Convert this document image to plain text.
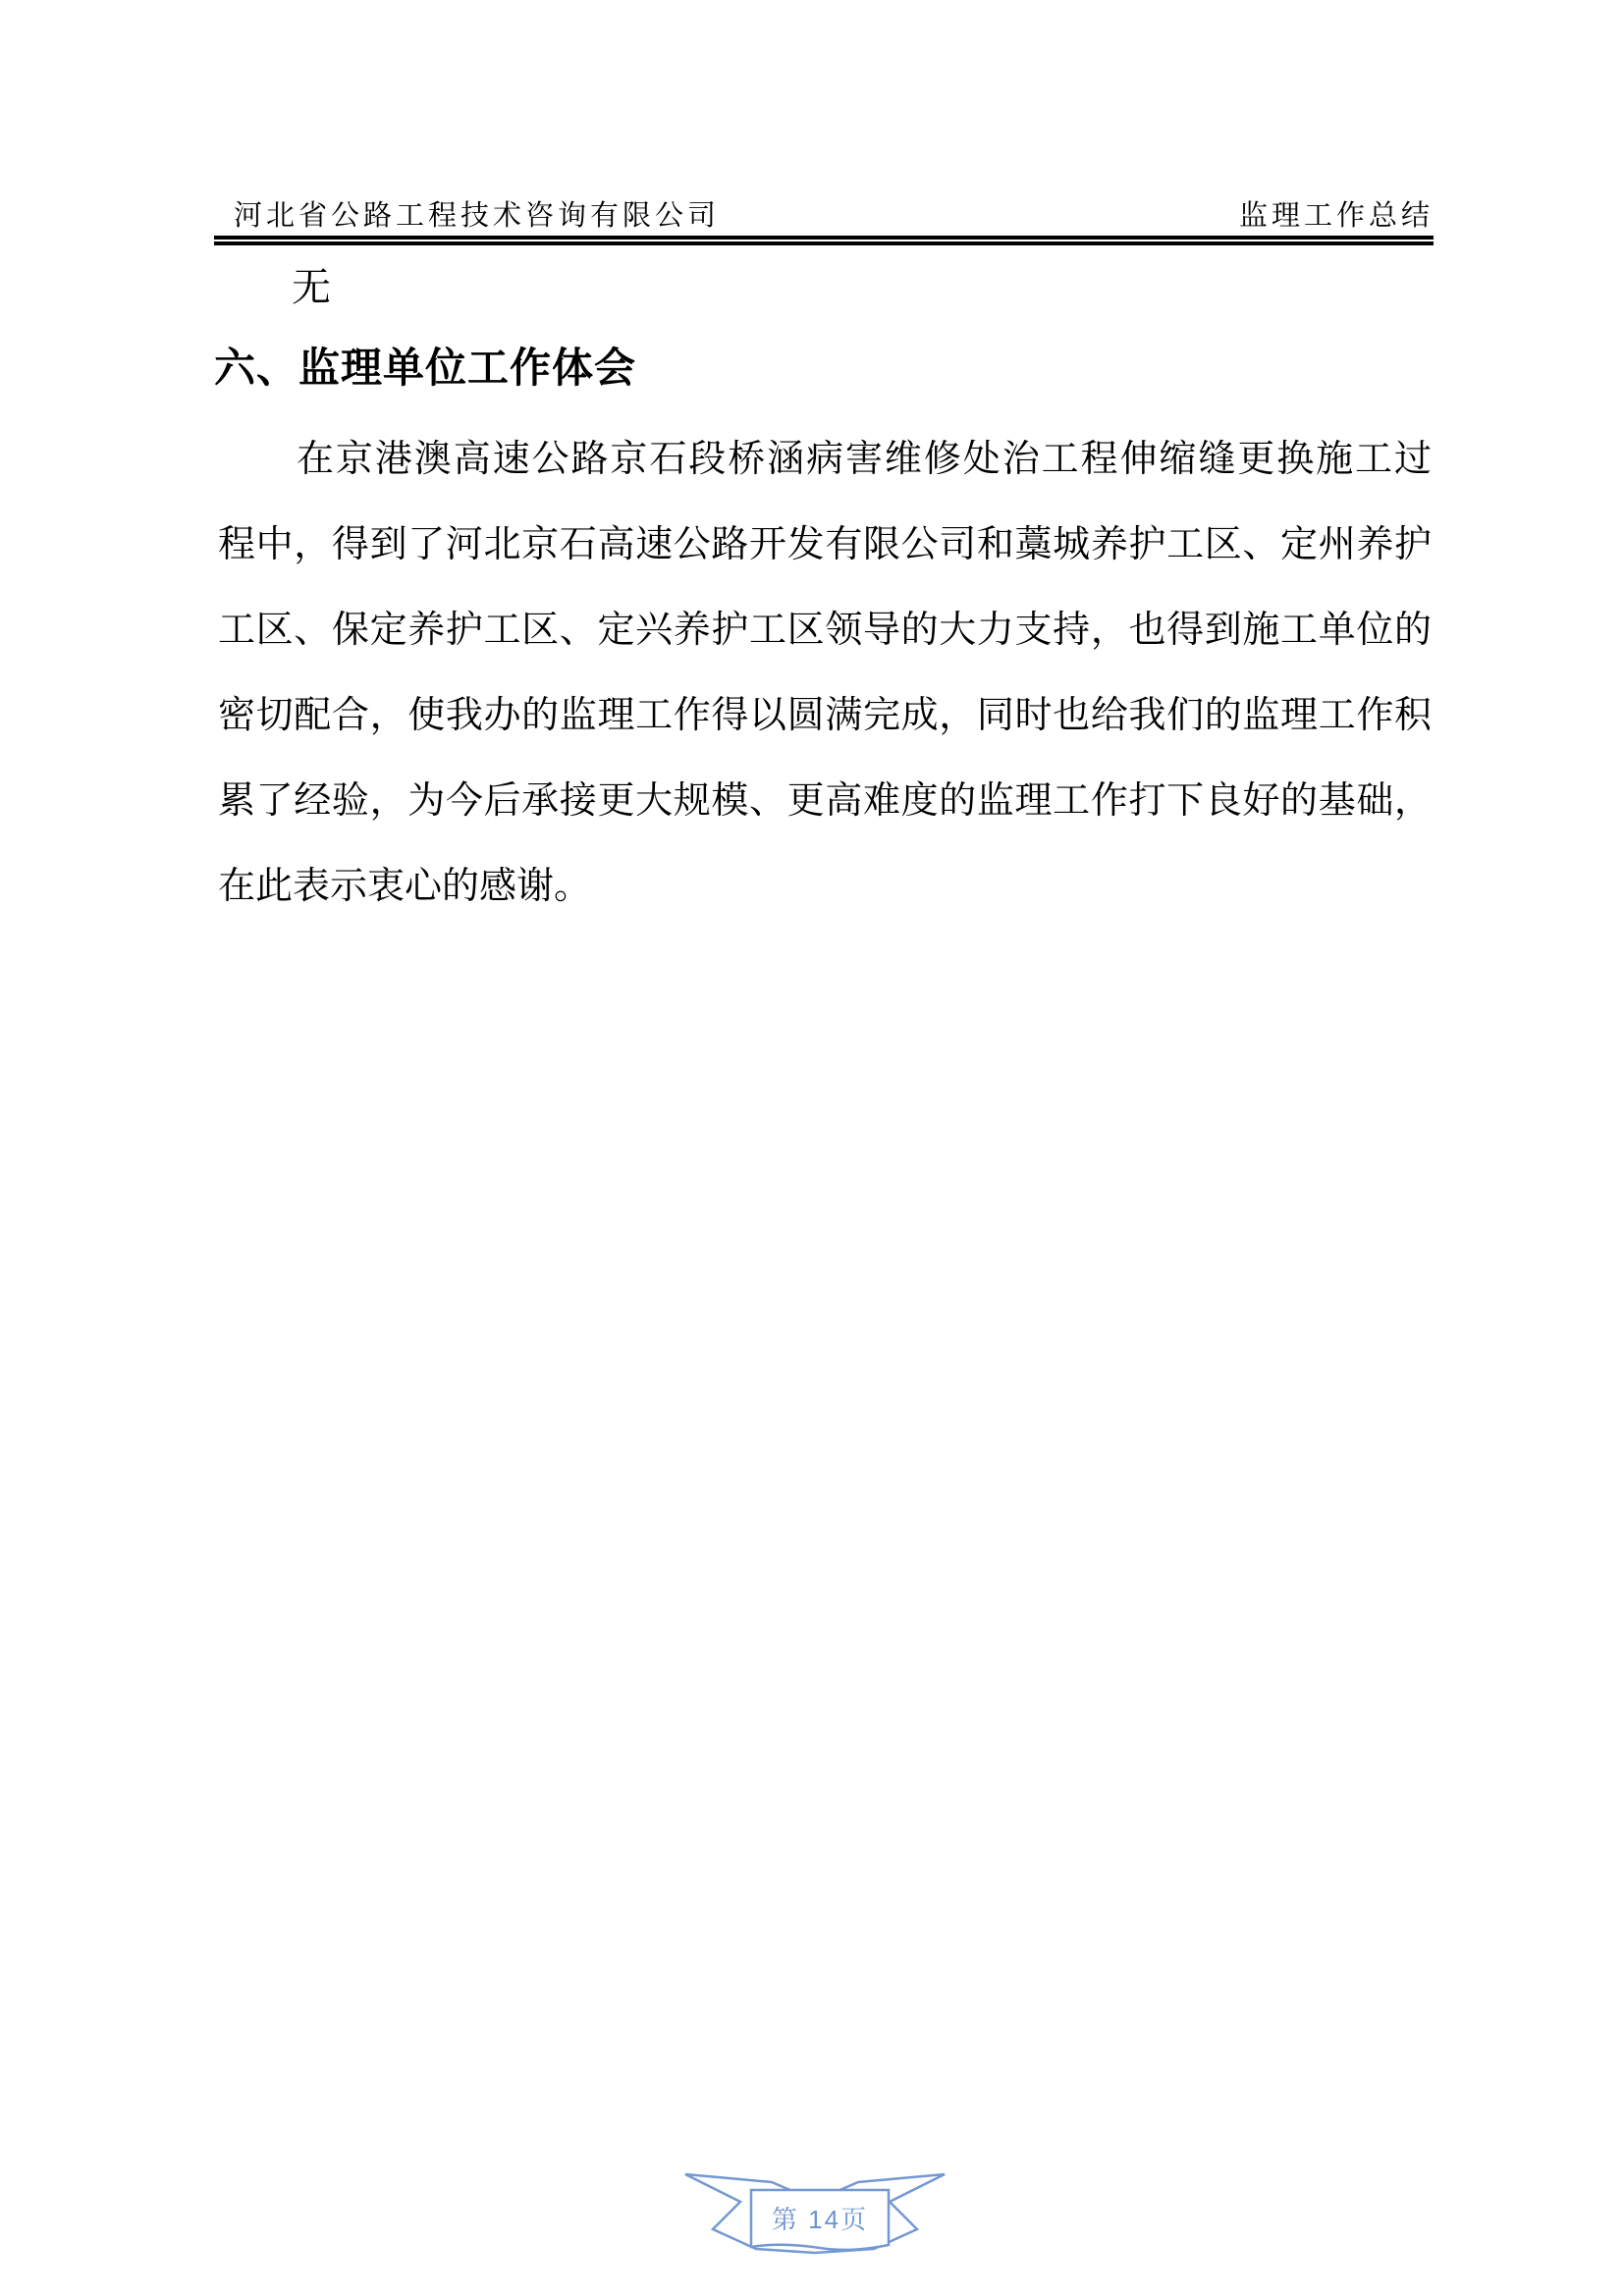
河北省公路工程技术咨询有限公司	监理工作总结
无
六、监理单位工作体会
在京港澳高速公路京石段桥涵病害维修处治工程伸缩缝更换施工过
程中，得到了河北京石高速公路开发有限公司和藁城养护工区、定州养护
工区、保定养护工区、定兴养护工区领导的大力支持，也得到施工单位的
密切配合，使我办的监理工作得以圆满完成，同时也给我们的监理工作积
累了经验，为今后承接更大规模、更高难度的监理工作打下良好的基础，
在此表示衷心的感谢。
第 14页
